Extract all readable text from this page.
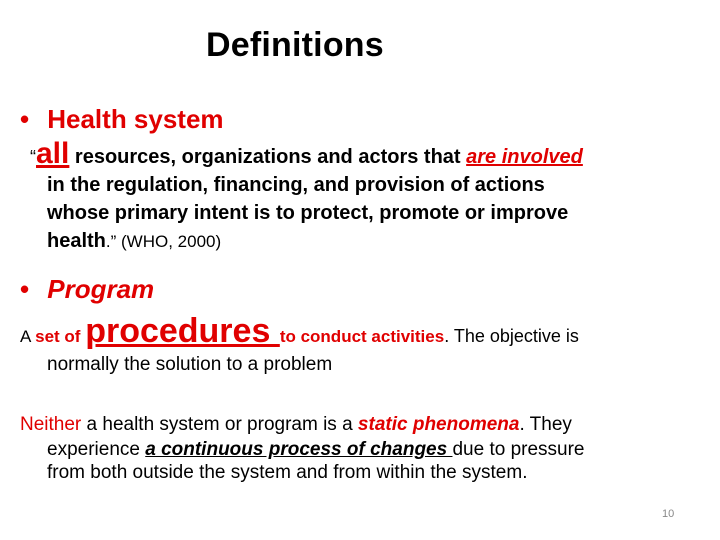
Definitions
• Health system
“all resources, organizations and actors that are involved
in the regulation, financing, and provision of actions
whose primary intent is to protect, promote or improve
health.” (WHO, 2000)
• Program
A set of procedures to conduct activities. The objective is
normally the solution to a problem
Neither a health system or program is a static phenomena. They
experience a continuous process of changes due to pressure
from both outside the system and from within the system.
10
